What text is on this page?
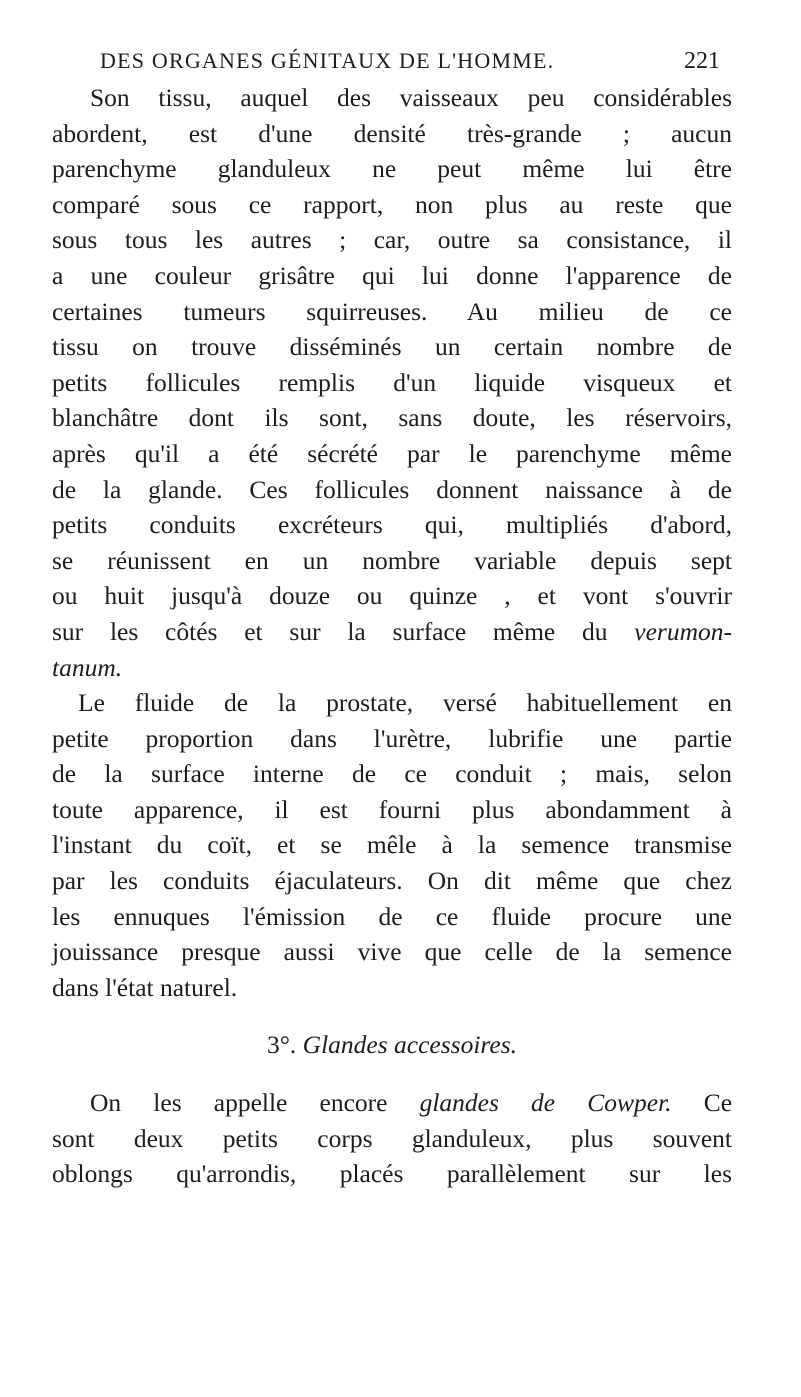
DES ORGANES GÉNITAUX DE L'HOMME.	221
Son tissu, auquel des vaisseaux peu considérables
abordent, est d'une densité très-grande ; aucun
parenchyme glanduleux ne peut même lui être
comparé sous ce rapport, non plus au reste que
sous tous les autres ; car, outre sa consistance, il
a une couleur grisâtre qui lui donne l'apparence de
certaines tumeurs squirreuses. Au milieu de ce
tissu on trouve disséminés un certain nombre de
petits follicules remplis d'un liquide visqueux et
blanchâtre dont ils sont, sans doute, les réservoirs,
après qu'il a été sécrété par le parenchyme même
de la glande. Ces follicules donnent naissance à de
petits conduits excréteurs qui, multipliés d'abord,
se réunissent en un nombre variable depuis sept
ou huit jusqu'à douze ou quinze , et vont s'ouvrir
sur les côtés et sur la surface même du verumon-
tanum.
Le fluide de la prostate, versé habituellement en
petite proportion dans l'urètre, lubrifie une partie
de la surface interne de ce conduit ; mais, selon
toute apparence, il est fourni plus abondamment à
l'instant du coït, et se mêle à la semence transmise
par les conduits éjaculateurs. On dit même que chez
les ennuques l'émission de ce fluide procure une
jouissance presque aussi vive que celle de la semence
dans l'état naturel.
3°. Glandes accessoires.
On les appelle encore glandes de Cowper. Ce
sont deux petits corps glanduleux, plus souvent
oblongs qu'arrondis, placés parallèlement sur les
